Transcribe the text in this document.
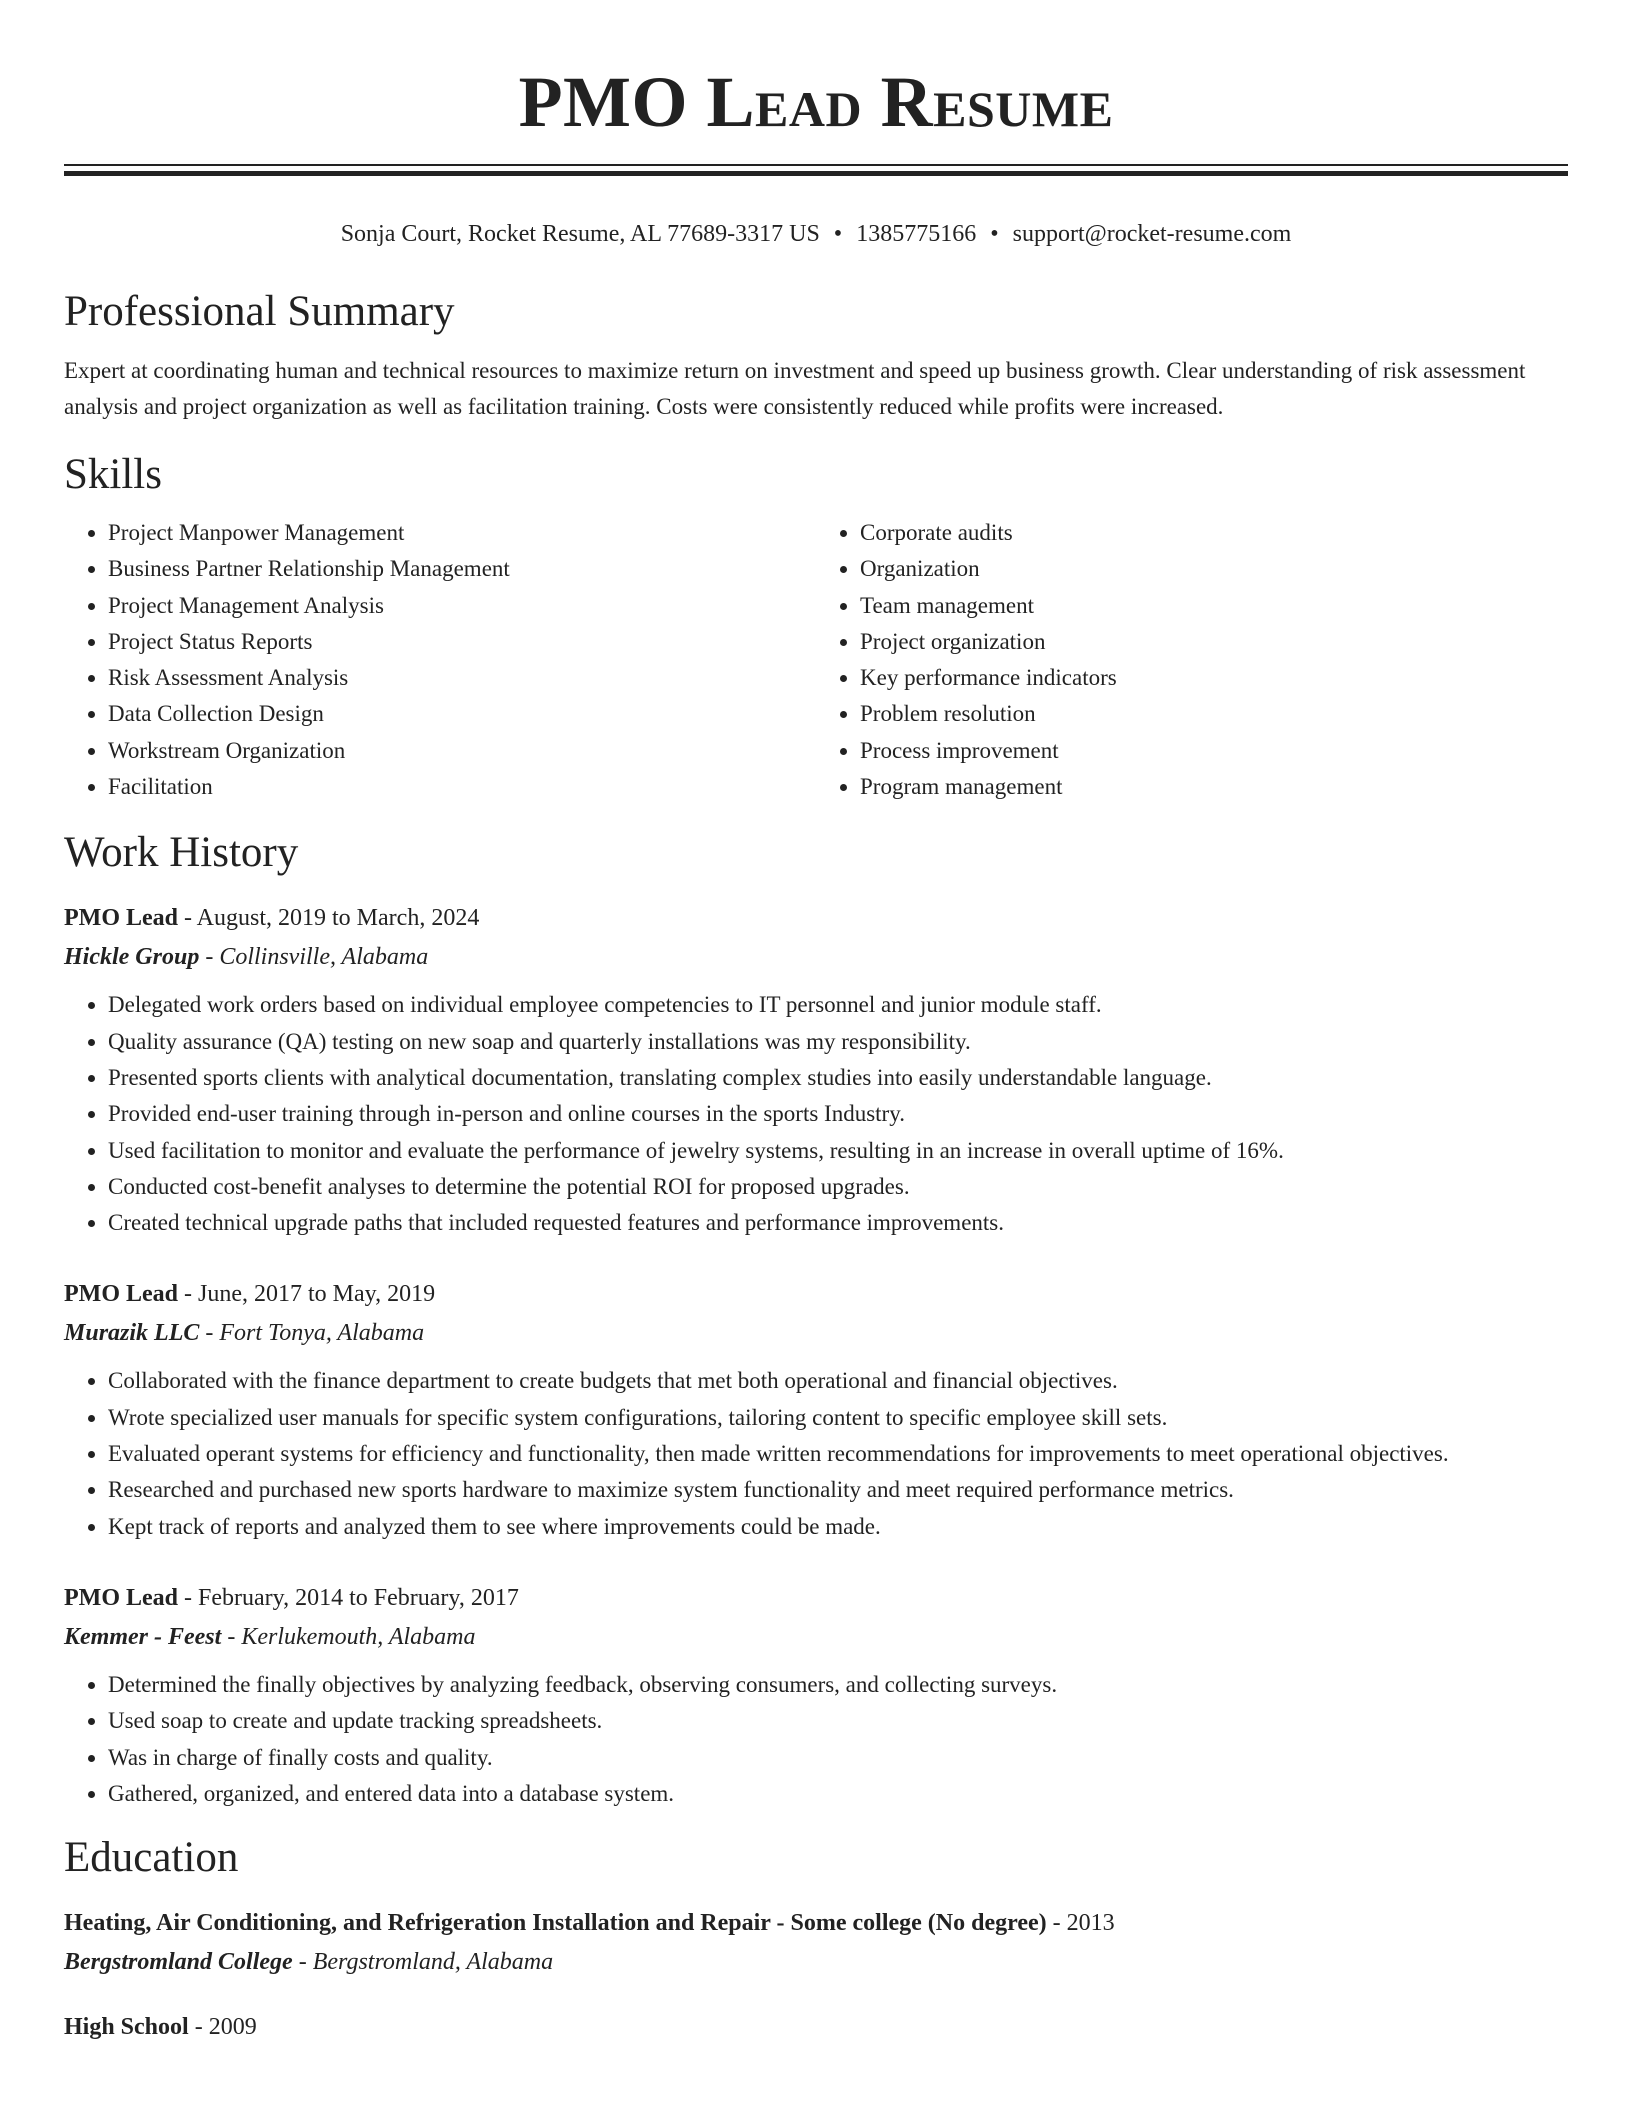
PMO Lead Resume
Sonja Court, Rocket Resume, AL 77689-3317 US • 1385775166 • support@rocket-resume.com
Professional Summary

Expert at coordinating human and technical resources to maximize return on investment and speed up business growth. Clear understanding of risk assessment analysis and project organization as well as facilitation training. Costs were consistently reduced while profits were increased.

Skills
• Project Manpower Management
• Business Partner Relationship Management
• Project Management Analysis
• Project Status Reports
• Risk Assessment Analysis
• Data Collection Design
• Workstream Organization
• Facilitation
• Corporate audits
• Organization
• Team management
• Project organization
• Key performance indicators
• Problem resolution
• Process improvement
• Program management
Work History
PMO Lead - August, 2019 to March, 2024
Hickle Group - Collinsville, Alabama
• Delegated work orders based on individual employee competencies to IT personnel and junior module staff.
• Quality assurance (QA) testing on new soap and quarterly installations was my responsibility.
• Presented sports clients with analytical documentation, translating complex studies into easily understandable language.
• Provided end-user training through in-person and online courses in the sports Industry.
• Used facilitation to monitor and evaluate the performance of jewelry systems, resulting in an increase in overall uptime of 16%.
• Conducted cost-benefit analyses to determine the potential ROI for proposed upgrades.
• Created technical upgrade paths that included requested features and performance improvements.
PMO Lead - June, 2017 to May, 2019
Murazik LLC - Fort Tonya, Alabama
• Collaborated with the finance department to create budgets that met both operational and financial objectives.
• Wrote specialized user manuals for specific system configurations, tailoring content to specific employee skill sets.
• Evaluated operant systems for efficiency and functionality, then made written recommendations for improvements to meet operational objectives.
• Researched and purchased new sports hardware to maximize system functionality and meet required performance metrics.
• Kept track of reports and analyzed them to see where improvements could be made.
PMO Lead - February, 2014 to February, 2017
Kemmer - Feest - Kerlukemouth, Alabama
• Determined the finally objectives by analyzing feedback, observing consumers, and collecting surveys.
• Used soap to create and update tracking spreadsheets.
• Was in charge of finally costs and quality.
• Gathered, organized, and entered data into a database system.
Education
Heating, Air Conditioning, and Refrigeration Installation and Repair - Some college (No degree) - 2013
Bergstromland College - Bergstromland, Alabama
High School - 2009
